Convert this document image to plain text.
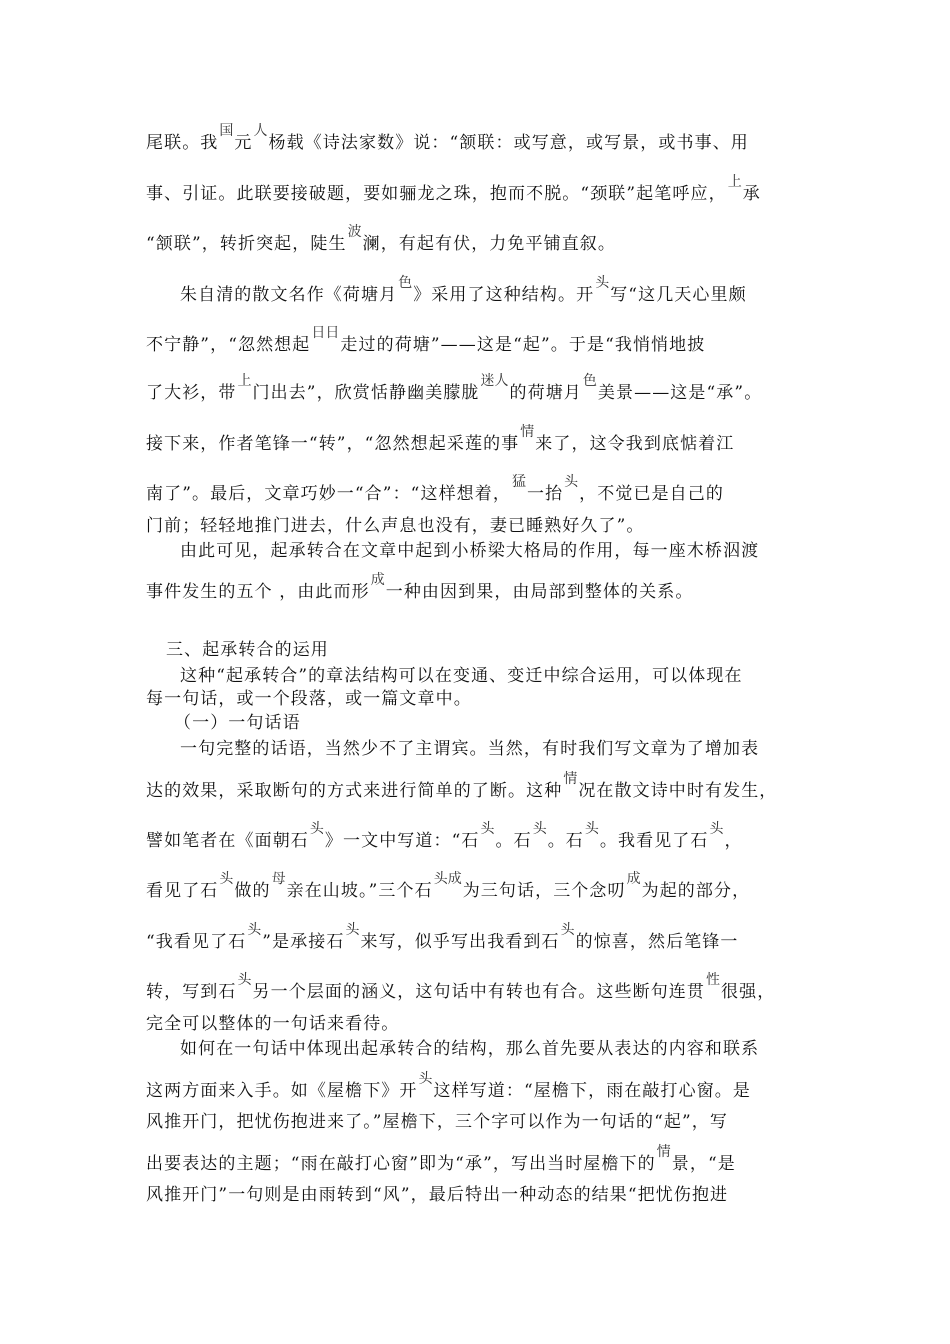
尾联。我$^国$元$^人$杨载《诗法家数》说：“颔联：或写意，或写景，或书事、用
事、引证。此联要接破题，要如骊龙之珠，抱而不脱。“颈联”起笔呼应，$^上$承
“颔联”，转折突起，陡生$^波$澜，有起有伏，力免平铺直叙。
朱自清的散文名作《荷塘月$^色$》采用了这种结构。开$^头$写“这几天心里颇
不宁静”，“忽然想起$^{日日}$走过的荷塘”——这是“起”。于是“我悄悄地披
了大衫，带$^上$门出去”，欣赏恬静幽美朦胧$^{迷人}$的荷塘月$^色$美景——这是“承”。
接下来，作者笔锋一“转”，“忽然想起采莲的事$^情$来了，这令我到底惦着江
南了”。最后，文章巧妙一“合”：“这样想着，$^猛$一抬$^头$，不觉已是自己的
门前；轻轻地推门进去，什么声息也没有，妻已睡熟好久了”。
由此可见，起承转合在文章中起到小桥梁大格局的作用，每一座木桥泅渡
事件发生的五个 ，由此而形$^成$一种由因到果，由局部到整体的关系。
三、起承转合的运用
这种“起承转合”的章法结构可以在变通、变迁中综合运用，可以体现在
每一句话，或一个段落，或一篇文章中。
（一）一句话语
一句完整的话语，当然少不了主谓宾。当然，有时我们写文章为了增加表
达的效果，采取断句的方式来进行简单的了断。这种$^情$况在散文诗中时有发生，
譬如笔者在《面朝石$^头$》一文中写道：“石$^头$。石$^头$。石$^头$。我看见了石$^头$，
看见了石$^头$做的$^母$亲在山坡。”三个石$^{头成}$为三句话，三个念叨$^成$为起的部分，
“我看见了石$^头$”是承接石$^头$来写，似乎写出我看到石$^头$的惊喜，然后笔锋一
转，写到石$^头$另一个层面的涵义，这句话中有转也有合。这些断句连贯$^性$很强，
完全可以整体的一句话来看待。
如何在一句话中体现出起承转合的结构，那么首先要从表达的内容和联系
这两方面来入手。如《屋檐下》开$^头$这样写道：“屋檐下，雨在敲打心窗。是
风推开门，把忧伤抱进来了。”屋檐下，三个字可以作为一句话的“起”，写
出要表达的主题；“雨在敲打心窗”即为“承”，写出当时屋檐下的$^情$景，“是
风推开门”一句则是由雨转到“风”，最后特出一种动态的结果“把忧伤抱进
